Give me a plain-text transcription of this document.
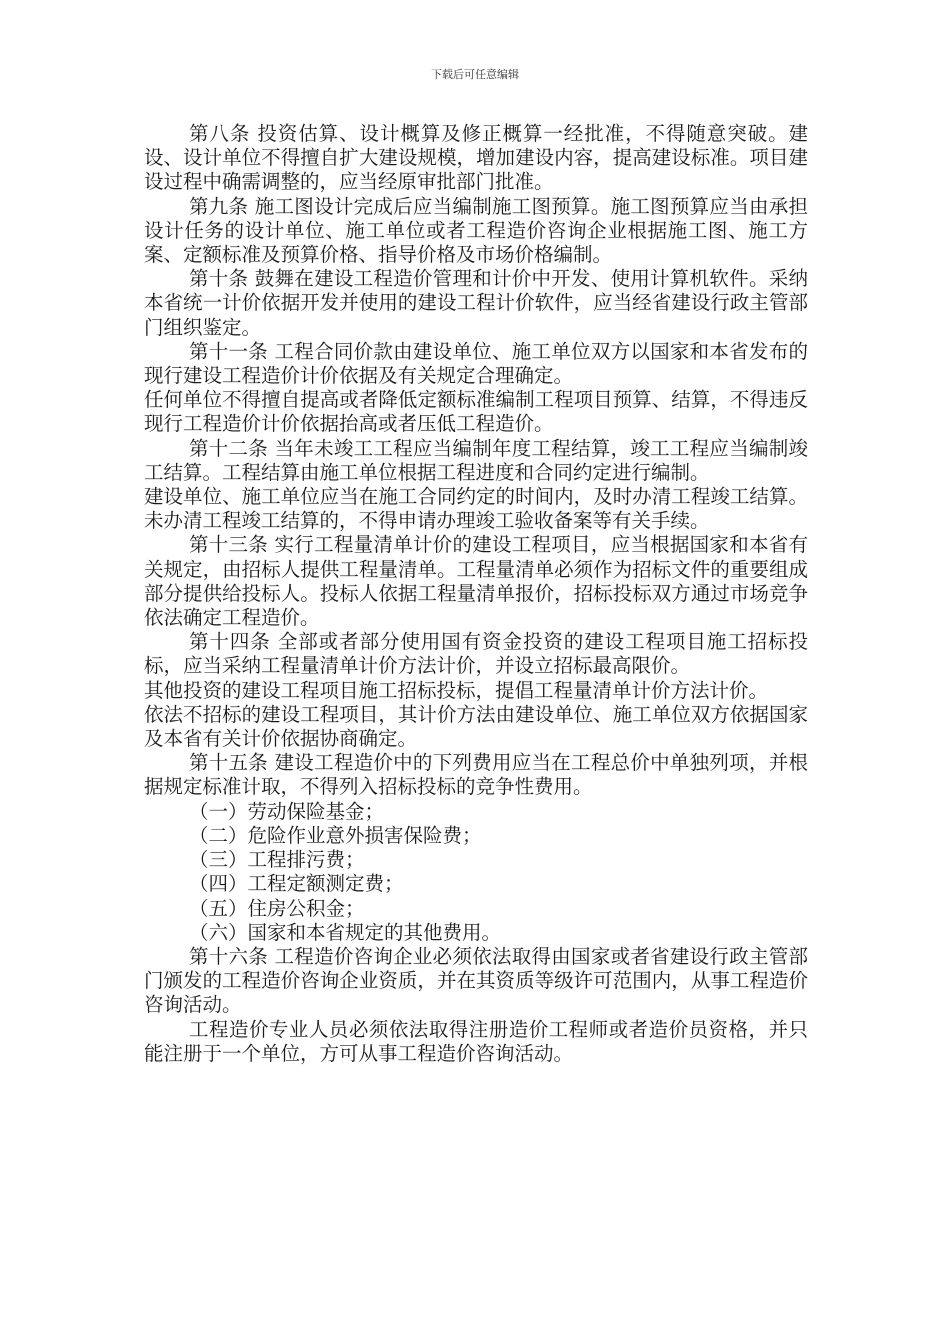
下载后可任意编辑

第八条 投资估算、设计概算及修正概算一经批准，不得随意突破。建设、设计单位不得擅自扩大建设规模，增加建设内容，提高建设标准。项目建设过程中确需调整的，应当经原审批部门批准。

第九条 施工图设计完成后应当编制施工图预算。施工图预算应当由承担设计任务的设计单位、施工单位或者工程造价咨询企业根据施工图、施工方案、定额标准及预算价格、指导价格及市场价格编制。

第十条 鼓舞在建设工程造价管理和计价中开发、使用计算机软件。采纳本省统一计价依据开发并使用的建设工程计价软件，应当经省建设行政主管部门组织鉴定。

第十一条 工程合同价款由建设单位、施工单位双方以国家和本省发布的现行建设工程造价计价依据及有关规定合理确定。

任何单位不得擅自提高或者降低定额标准编制工程项目预算、结算，不得违反现行工程造价计价依据抬高或者压低工程造价。

第十二条 当年未竣工工程应当编制年度工程结算，竣工工程应当编制竣工结算。工程结算由施工单位根据工程进度和合同约定进行编制。

建设单位、施工单位应当在施工合同约定的时间内，及时办清工程竣工结算。未办清工程竣工结算的，不得申请办理竣工验收备案等有关手续。

第十三条 实行工程量清单计价的建设工程项目，应当根据国家和本省有关规定，由招标人提供工程量清单。工程量清单必须作为招标文件的重要组成部分提供给投标人。投标人依据工程量清单报价，招标投标双方通过市场竞争依法确定工程造价。

第十四条 全部或者部分使用国有资金投资的建设工程项目施工招标投标，应当采纳工程量清单计价方法计价，并设立招标最高限价。

其他投资的建设工程项目施工招标投标，提倡工程量清单计价方法计价。

依法不招标的建设工程项目，其计价方法由建设单位、施工单位双方依据国家及本省有关计价依据协商确定。

第十五条 建设工程造价中的下列费用应当在工程总价中单独列项，并根据规定标准计取，不得列入招标投标的竞争性费用。

（一）劳动保险基金；

（二）危险作业意外损害保险费；

（三）工程排污费；

（四）工程定额测定费；

（五）住房公积金；

（六）国家和本省规定的其他费用。

第十六条 工程造价咨询企业必须依法取得由国家或者省建设行政主管部门颁发的工程造价咨询企业资质，并在其资质等级许可范围内，从事工程造价咨询活动。

工程造价专业人员必须依法取得注册造价工程师或者造价员资格，并只能注册于一个单位，方可从事工程造价咨询活动。
